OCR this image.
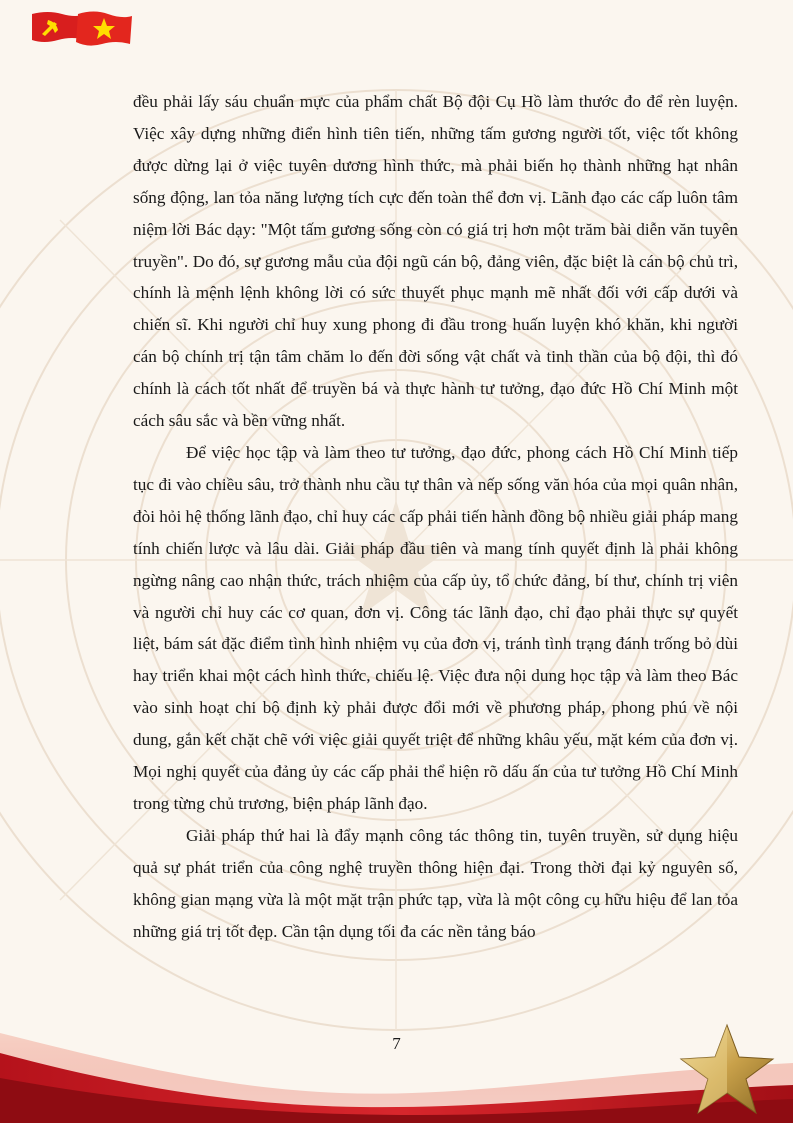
đều phải lấy sáu chuẩn mực của phẩm chất Bộ đội Cụ Hồ làm thước đo để rèn luyện. Việc xây dựng những điển hình tiên tiến, những tấm gương người tốt, việc tốt không được dừng lại ở việc tuyên dương hình thức, mà phải biến họ thành những hạt nhân sống động, lan tỏa năng lượng tích cực đến toàn thể đơn vị. Lãnh đạo các cấp luôn tâm niệm lời Bác dạy: "Một tấm gương sống còn có giá trị hơn một trăm bài diễn văn tuyên truyền". Do đó, sự gương mẫu của đội ngũ cán bộ, đảng viên, đặc biệt là cán bộ chủ trì, chính là mệnh lệnh không lời có sức thuyết phục mạnh mẽ nhất đối với cấp dưới và chiến sĩ. Khi người chỉ huy xung phong đi đầu trong huấn luyện khó khăn, khi người cán bộ chính trị tận tâm chăm lo đến đời sống vật chất và tinh thần của bộ đội, thì đó chính là cách tốt nhất để truyền bá và thực hành tư tưởng, đạo đức Hồ Chí Minh một cách sâu sắc và bền vững nhất.

Để việc học tập và làm theo tư tưởng, đạo đức, phong cách Hồ Chí Minh tiếp tục đi vào chiều sâu, trở thành nhu cầu tự thân và nếp sống văn hóa của mọi quân nhân, đòi hỏi hệ thống lãnh đạo, chỉ huy các cấp phải tiến hành đồng bộ nhiều giải pháp mang tính chiến lược và lâu dài. Giải pháp đầu tiên và mang tính quyết định là phải không ngừng nâng cao nhận thức, trách nhiệm của cấp ủy, tổ chức đảng, bí thư, chính trị viên và người chỉ huy các cơ quan, đơn vị. Công tác lãnh đạo, chỉ đạo phải thực sự quyết liệt, bám sát đặc điểm tình hình nhiệm vụ của đơn vị, tránh tình trạng đánh trống bỏ dùi hay triển khai một cách hình thức, chiếu lệ. Việc đưa nội dung học tập và làm theo Bác vào sinh hoạt chi bộ định kỳ phải được đổi mới về phương pháp, phong phú về nội dung, gắn kết chặt chẽ với việc giải quyết triệt để những khâu yếu, mặt kém của đơn vị. Mọi nghị quyết của đảng ủy các cấp phải thể hiện rõ dấu ấn của tư tưởng Hồ Chí Minh trong từng chủ trương, biện pháp lãnh đạo.

Giải pháp thứ hai là đẩy mạnh công tác thông tin, tuyên truyền, sử dụng hiệu quả sự phát triển của công nghệ truyền thông hiện đại. Trong thời đại kỷ nguyên số, không gian mạng vừa là một mặt trận phức tạp, vừa là một công cụ hữu hiệu để lan tỏa những giá trị tốt đẹp. Cần tận dụng tối đa các nền tảng báo

7
